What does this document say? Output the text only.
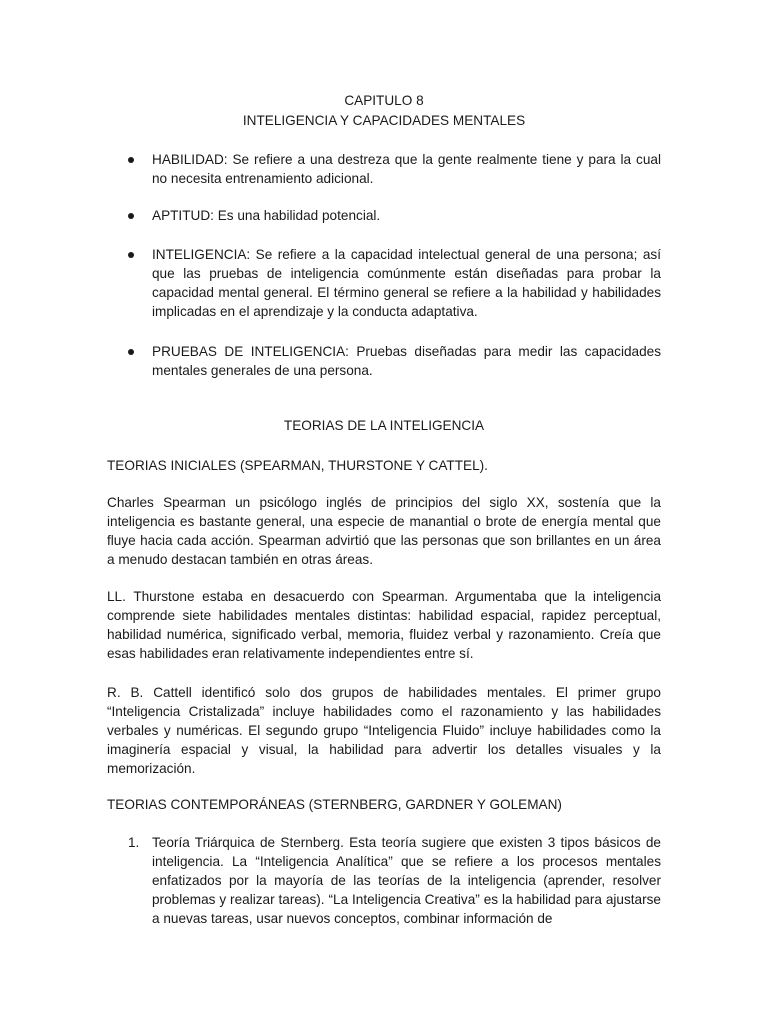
CAPITULO 8
INTELIGENCIA Y CAPACIDADES MENTALES

HABILIDAD: Se refiere a una destreza que la gente realmente tiene y para la cual no necesita entrenamiento adicional.

APTITUD: Es una habilidad potencial.

INTELIGENCIA: Se refiere a la capacidad intelectual general de una persona; así que las pruebas de inteligencia comúnmente están diseñadas para probar la capacidad mental general. El término general se refiere a la habilidad y habilidades implicadas en el aprendizaje y la conducta adaptativa.

PRUEBAS DE INTELIGENCIA: Pruebas diseñadas para medir las capacidades mentales generales de una persona.

TEORIAS DE LA INTELIGENCIA

TEORIAS INICIALES (SPEARMAN, THURSTONE Y CATTEL).

Charles Spearman un psicólogo inglés de principios del siglo XX, sostenía que la inteligencia es bastante general, una especie de manantial o brote de energía mental que fluye hacia cada acción. Spearman advirtió que las personas que son brillantes en un área a menudo destacan también en otras áreas.

LL. Thurstone estaba en desacuerdo con Spearman. Argumentaba que la inteligencia comprende siete habilidades mentales distintas: habilidad espacial, rapidez perceptual, habilidad numérica, significado verbal, memoria, fluidez verbal y razonamiento. Creía que esas habilidades eran relativamente independientes entre sí.

R. B. Cattell identificó solo dos grupos de habilidades mentales. El primer grupo “Inteligencia Cristalizada” incluye habilidades como el razonamiento y las habilidades verbales y numéricas. El segundo grupo “Inteligencia Fluido” incluye habilidades como la imaginería espacial y visual, la habilidad para advertir los detalles visuales y la memorización.

TEORIAS CONTEMPORÁNEAS (STERNBERG, GARDNER Y GOLEMAN)

1. Teoría Triárquica de Sternberg. Esta teoría sugiere que existen 3 tipos básicos de inteligencia. La “Inteligencia Analítica” que se refiere a los procesos mentales enfatizados por la mayoría de las teorías de la inteligencia (aprender, resolver problemas y realizar tareas). “La Inteligencia Creativa” es la habilidad para ajustarse a nuevas tareas, usar nuevos conceptos, combinar información de
